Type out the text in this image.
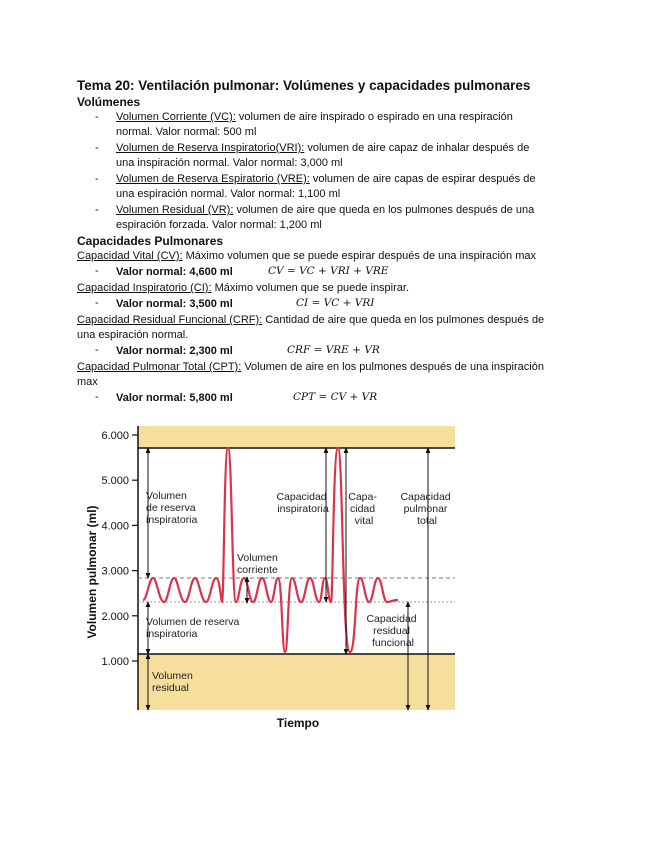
Tema 20: Ventilación pulmonar: Volúmenes y capacidades pulmonares
Volúmenes
- Volumen Corriente (VC): volumen de aire inspirado o espirado en una respiración
normal. Valor normal: 500 ml
- Volumen de Reserva Inspiratorio(VRI): volumen de aire capaz de inhalar después de
una inspiración normal. Valor normal: 3,000 ml
- Volumen de Reserva Espiratorio (VRE): volumen de aire capas de espirar después de
una espiración normal. Valor normal: 1,100 ml
- Volumen Residual (VR): volumen de aire que queda en los pulmones después de una
espiración forzada. Valor normal: 1,200 ml
Capacidades Pulmonares
Capacidad Vital (CV): Máximo volumen que se puede espirar después de una inspiración max
- Valor normal: 4,600 ml	CV = VC + VRI + VRE
Capacidad Inspiratorio (CI): Máximo volumen que se puede inspirar.
- Valor normal: 3,500 ml	CI = VC + VRI
Capacidad Residual Funcional (CRF): Cantidad de aire que queda en los pulmones después de
una espiración normal.
- Valor normal: 2,300 ml	CRF = VRE + VR
Capacidad Pulmonar Total (CPT): Volumen de aire en los pulmones después de una inspiración
max
- Valor normal: 5,800 ml	CPT = CV + VR
6.000
5.000
4.000
3.000
2.000
1.000
Volumen de reserva inspiratoria
Volumen corriente
Volumen de reserva inspiratoria
Volumen residual
Capacidad inspiratoria
Capa- cidad vital
Capacidad pulmonar total
Capacidad residual funcional
Volumen pulmonar (ml)
Tiempo
